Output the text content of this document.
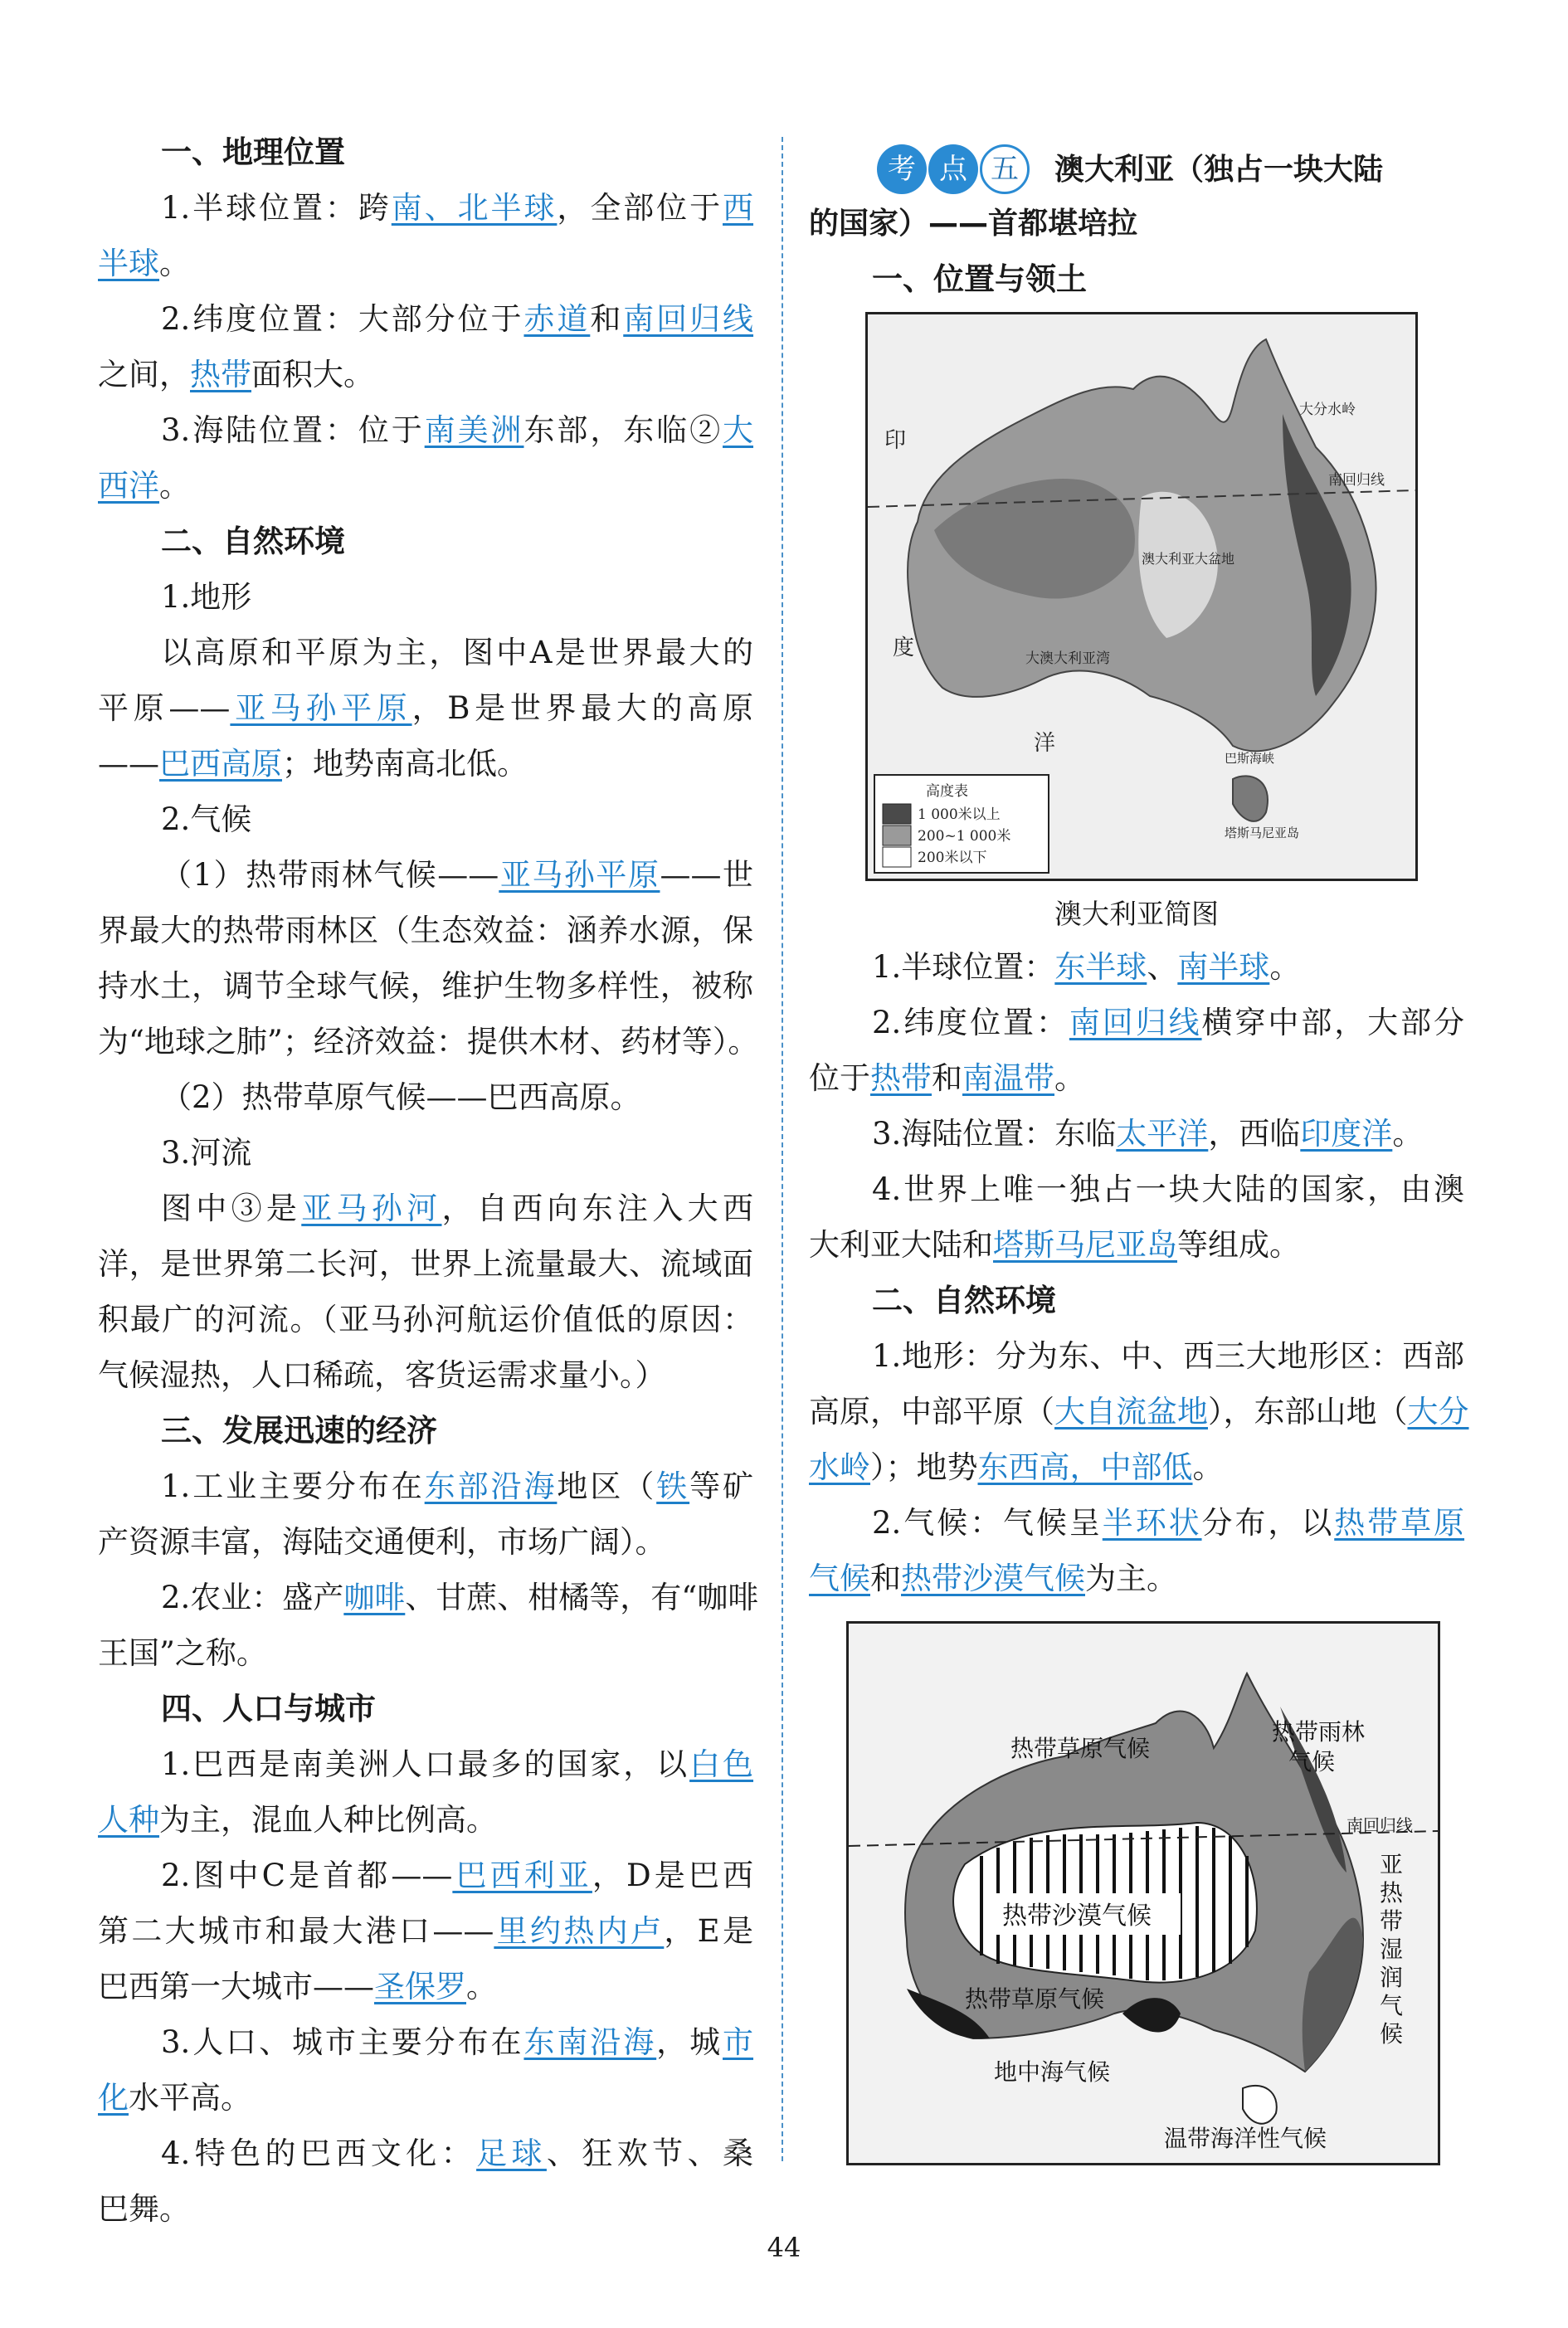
一、地理位置
1.半球位置：跨南、北半球，全部位于西
半球。
2.纬度位置：大部分位于赤道和南回归线
之间，热带面积大。
3.海陆位置：位于南美洲东部，东临②大
西洋。
二、自然环境
1.地形
以高原和平原为主，图中A是世界最大的
平原——亚马孙平原，B是世界最大的高原
——巴西高原；地势南高北低。
2.气候
（1）热带雨林气候——亚马孙平原——世
界最大的热带雨林区（生态效益：涵养水源，保
持水土，调节全球气候，维护生物多样性，被称
为“地球之肺”；经济效益：提供木材、药材等）。
（2）热带草原气候——巴西高原。
3.河流
图中③是亚马孙河，自西向东注入大西
洋，是世界第二长河，世界上流量最大、流域面
积最广的河流。（亚马孙河航运价值低的原因：
气候湿热，人口稀疏，客货运需求量小。）
三、发展迅速的经济
1.工业主要分布在东部沿海地区（铁等矿
产资源丰富，海陆交通便利，市场广阔）。
2.农业：盛产咖啡、甘蔗、柑橘等，有“咖啡
王国”之称。
四、人口与城市
1.巴西是南美洲人口最多的国家，以白色
人种为主，混血人种比例高。
2.图中C是首都——巴西利亚，D是巴西
第二大城市和最大港口——里约热内卢，E是
巴西第一大城市——圣保罗。
3.人口、城市主要分布在东南沿海，城市
化水平高。
4.特色的巴西文化：足球、狂欢节、桑
巴舞。
考 点 五	澳大利亚（独占一块大陆
的国家）——首都堪培拉
一、位置与领土
印
度
洋
南回归线
澳大利亚大盆地
大澳大利亚湾
巴斯海峡
塔斯马尼亚岛
大分水岭
高度表
1 000米以上
200~1 000米
200米以下
澳大利亚简图
1.半球位置：东半球、南半球。
2.纬度位置：南回归线横穿中部，大部分
位于热带和南温带。
3.海陆位置：东临太平洋，西临印度洋。
4.世界上唯一独占一块大陆的国家，由澳
大利亚大陆和塔斯马尼亚岛等组成。
二、自然环境
1.地形：分为东、中、西三大地形区：西部
高原，中部平原（大自流盆地），东部山地（大分
水岭）；地势东西高，中部低。
2.气候：气候呈半环状分布，以热带草原
气候和热带沙漠气候为主。
热带草原气候
热带雨林
气候
热带沙漠气候
南回归线
热带草原气候
亚
热
带
湿
润
气
候
地中海气候
温带海洋性气候
44
